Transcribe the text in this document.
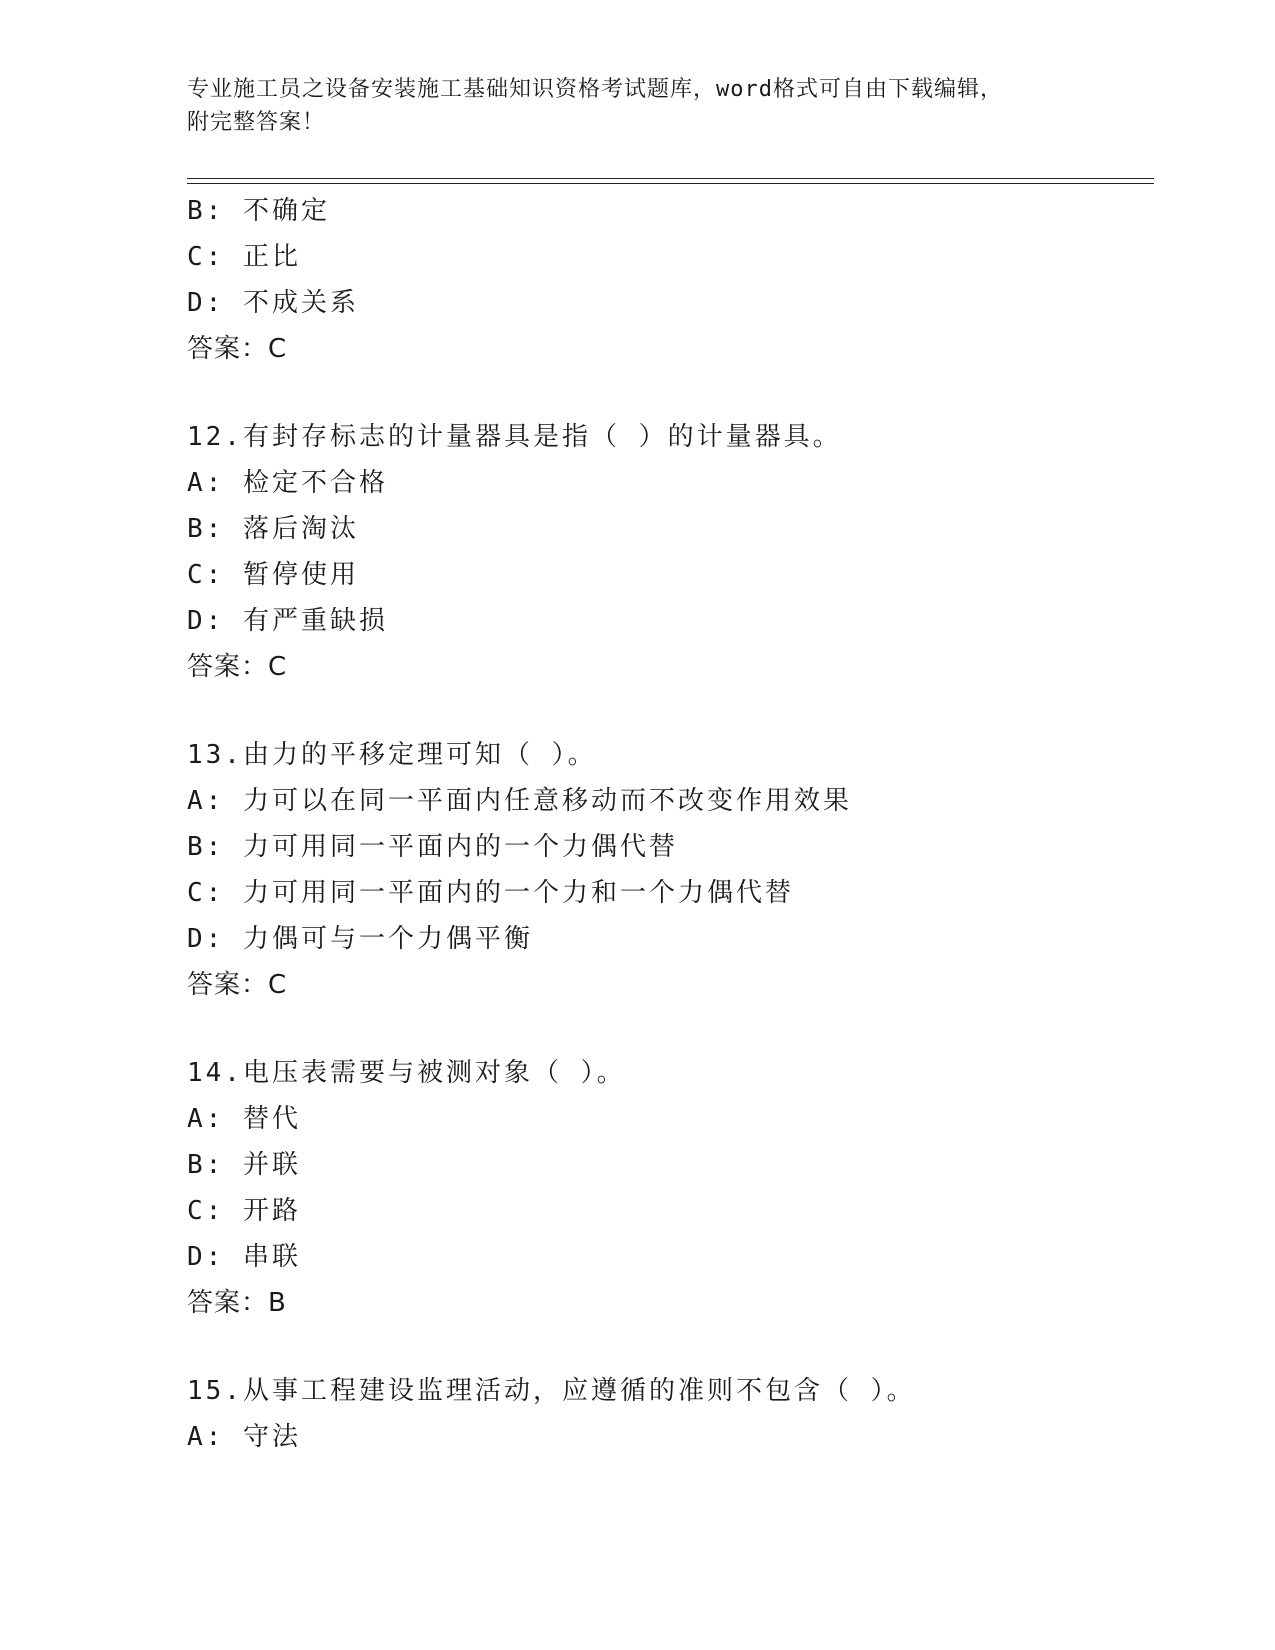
专业施工员之设备安装施工基础知识资格考试题库，word格式可自由下载编辑，
附完整答案！
B: 不确定
C: 正比
D: 不成关系
答案：C
12.有封存标志的计量器具是指（ ）的计量器具。
A: 检定不合格
B: 落后淘汰
C: 暂停使用
D: 有严重缺损
答案：C
13.由力的平移定理可知（ ）。
A: 力可以在同一平面内任意移动而不改变作用效果
B: 力可用同一平面内的一个力偶代替
C: 力可用同一平面内的一个力和一个力偶代替
D: 力偶可与一个力偶平衡
答案：C
14.电压表需要与被测对象（ ）。
A: 替代
B: 并联
C: 开路
D: 串联
答案：B
15.从事工程建设监理活动，应遵循的准则不包含（ ）。
A: 守法
